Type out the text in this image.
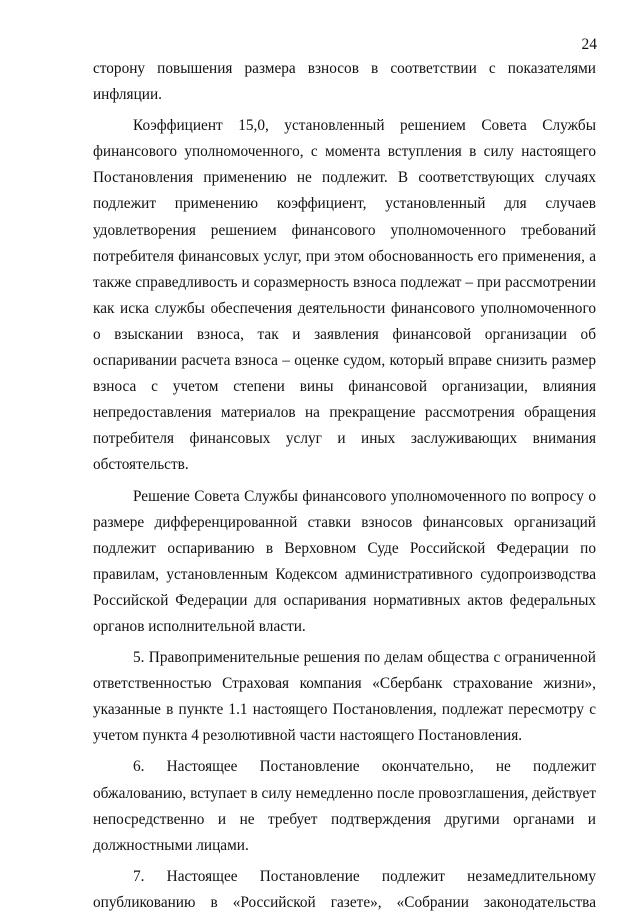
24

сторону повышения размера взносов в соответствии с показателями инфляции.

Коэффициент 15,0, установленный решением Совета Службы финансового уполномоченного, с момента вступления в силу настоящего Постановления применению не подлежит. В соответствующих случаях подлежит применению коэффициент, установленный для случаев удовлетворения решением финансового уполномоченного требований потребителя финансовых услуг, при этом обоснованность его применения, а также справедливость и соразмерность взноса подлежат – при рассмотрении как иска службы обеспечения деятельности финансового уполномоченного о взыскании взноса, так и заявления финансовой организации об оспаривании расчета взноса – оценке судом, который вправе снизить размер взноса с учетом степени вины финансовой организации, влияния непредоставления материалов на прекращение рассмотрения обращения потребителя финансовых услуг и иных заслуживающих внимания обстоятельств.

Решение Совета Службы финансового уполномоченного по вопросу о размере дифференцированной ставки взносов финансовых организаций подлежит оспариванию в Верховном Суде Российской Федерации по правилам, установленным Кодексом административного судопроизводства Российской Федерации для оспаривания нормативных актов федеральных органов исполнительной власти.

5. Правоприменительные решения по делам общества с ограниченной ответственностью Страховая компания «Сбербанк страхование жизни», указанные в пункте 1.1 настоящего Постановления, подлежат пересмотру с учетом пункта 4 резолютивной части настоящего Постановления.

6. Настоящее Постановление окончательно, не подлежит обжалованию, вступает в силу немедленно после провозглашения, действует непосредственно и не требует подтверждения другими органами и должностными лицами.

7. Настоящее Постановление подлежит незамедлительному опубликованию в «Российской газете», «Собрании законодательства
